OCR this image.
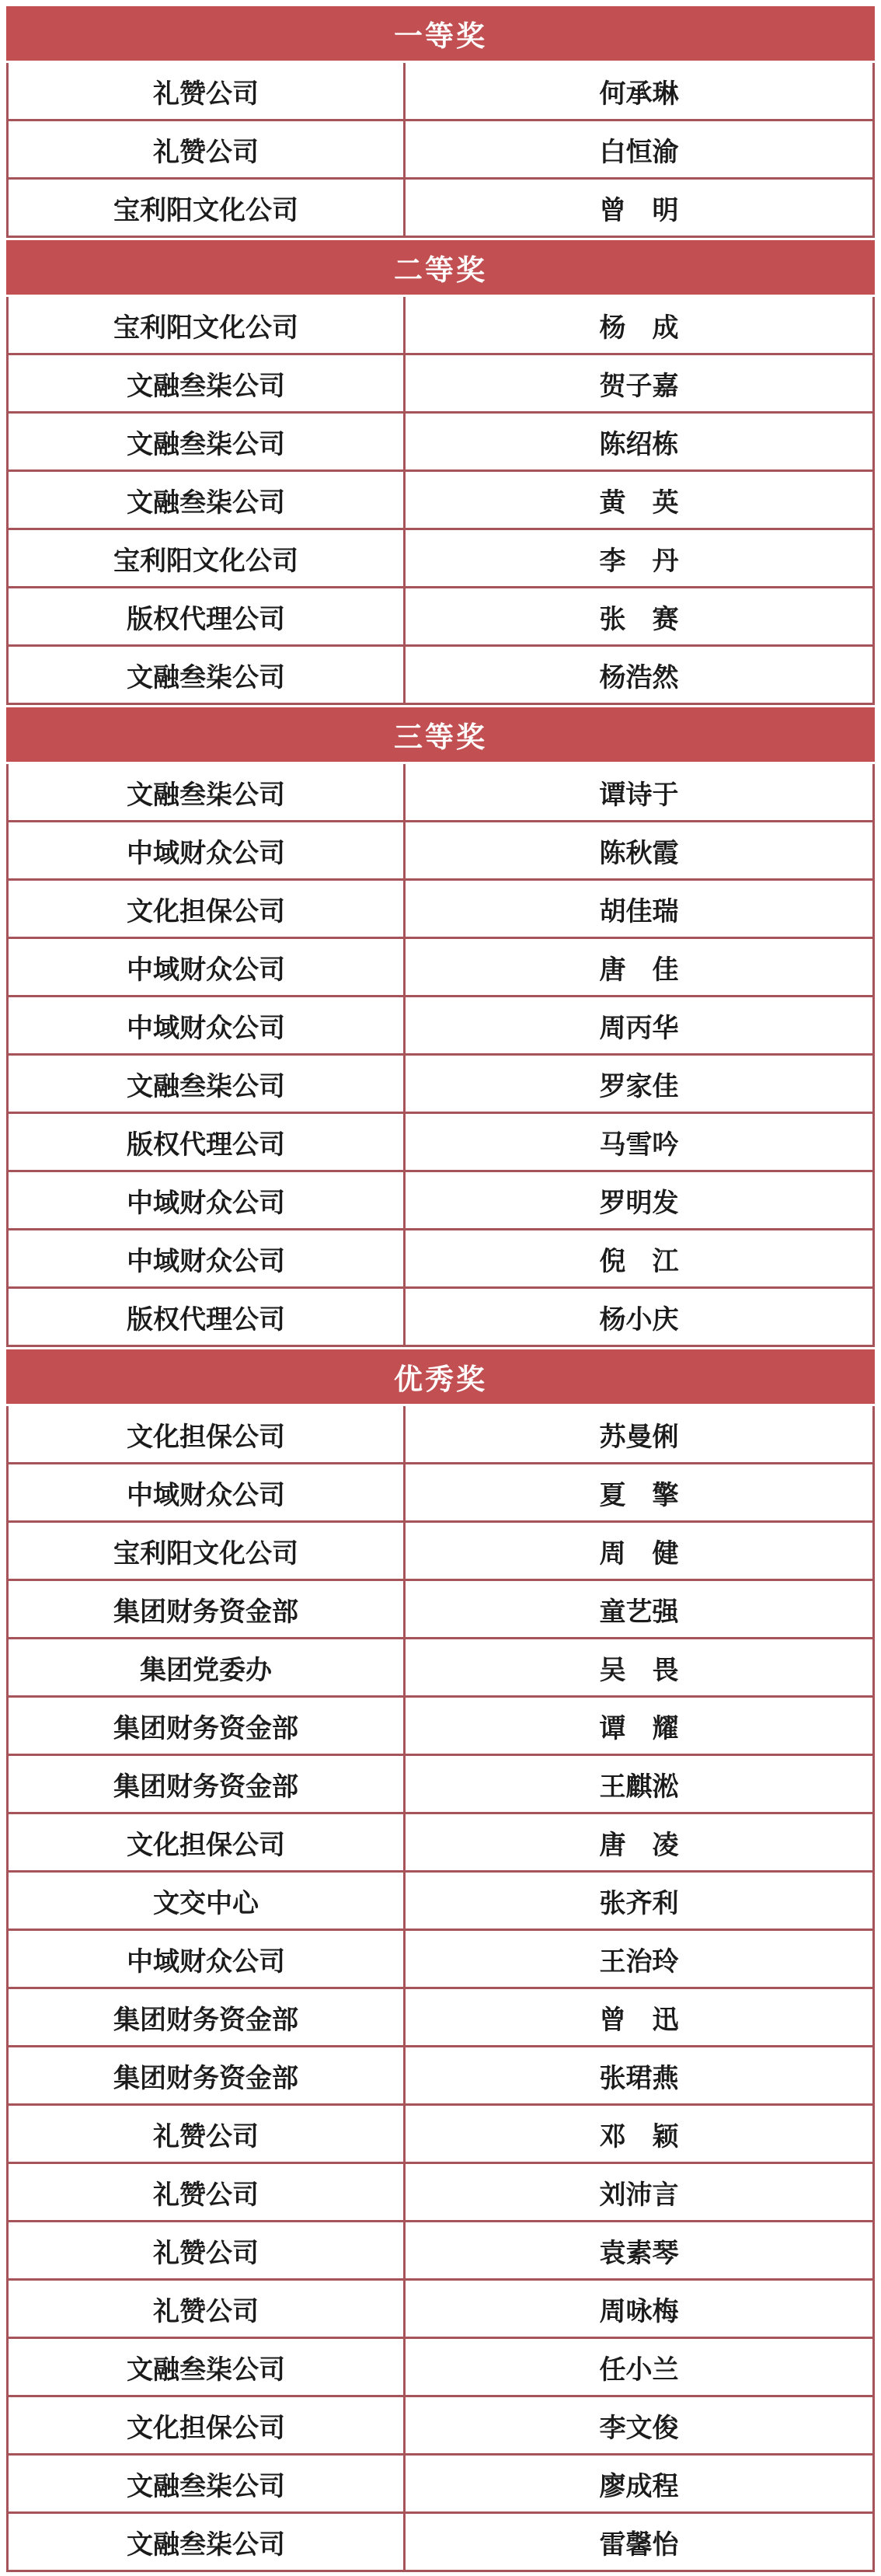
一等奖
礼赞公司	何承琳
礼赞公司	白恒渝
宝利阳文化公司	曾　明
二等奖
宝利阳文化公司	杨　成
文融叁柒公司	贺子嘉
文融叁柒公司	陈绍栋
文融叁柒公司	黄　英
宝利阳文化公司	李　丹
版权代理公司	张　赛
文融叁柒公司	杨浩然
三等奖
文融叁柒公司	谭诗于
中域财众公司	陈秋霞
文化担保公司	胡佳瑞
中域财众公司	唐　佳
中域财众公司	周丙华
文融叁柒公司	罗家佳
版权代理公司	马雪吟
中域财众公司	罗明发
中域财众公司	倪　江
版权代理公司	杨小庆
优秀奖
文化担保公司	苏曼俐
中域财众公司	夏　擎
宝利阳文化公司	周　健
集团财务资金部	童艺强
集团党委办	吴　畏
集团财务资金部	谭　耀
集团财务资金部	王麒淞
文化担保公司	唐　凌
文交中心	张齐利
中域财众公司	王治玲
集团财务资金部	曾　迅
集团财务资金部	张珺燕
礼赞公司	邓　颖
礼赞公司	刘沛言
礼赞公司	袁素琴
礼赞公司	周咏梅
文融叁柒公司	任小兰
文化担保公司	李文俊
文融叁柒公司	廖成程
文融叁柒公司	雷馨怡
